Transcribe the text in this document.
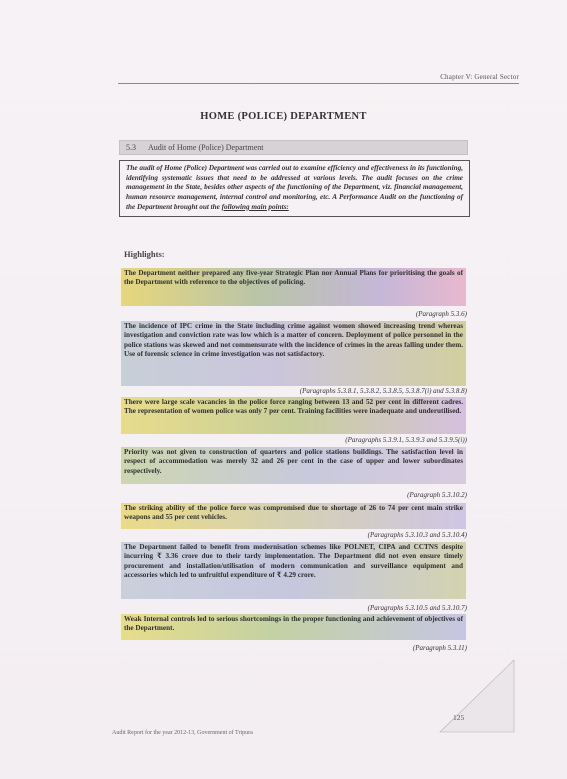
Chapter V: General Sector
HOME (POLICE) DEPARTMENT
5.3 Audit of Home (Police) Department
The audit of Home (Police) Department was carried out to examine efficiency and effectiveness in its functioning, identifying systematic issues that need to be addressed at various levels. The audit focuses on the crime management in the State, besides other aspects of the functioning of the Department, viz. financial management, human resource management, internal control and monitoring, etc. A Performance Audit on the functioning of the Department brought out the following main points:
Highlights:
The Department neither prepared any five-year Strategic Plan nor Annual Plans for prioritising the goals of the Department with reference to the objectives of policing.
(Paragraph 5.3.6)
The incidence of IPC crime in the State including crime against women showed increasing trend whereas investigation and conviction rate was low which is a matter of concern. Deployment of police personnel in the police stations was skewed and not commensurate with the incidence of crimes in the areas falling under them. Use of forensic science in crime investigation was not satisfactory.
(Paragraphs 5.3.8.1, 5.3.8.2, 5.3.8.5, 5.3.8.7(i) and 5.3.8.8)
There were large scale vacancies in the police force ranging between 13 and 52 per cent in different cadres. The representation of women police was only 7 per cent. Training facilities were inadequate and underutilised.
(Paragraphs 5.3.9.1, 5.3.9.3 and 5.3.9.5(i))
Priority was not given to construction of quarters and police stations buildings. The satisfaction level in respect of accommodation was merely 32 and 26 per cent in the case of upper and lower subordinates respectively.
(Paragraph 5.3.10.2)
The striking ability of the police force was compromised due to shortage of 26 to 74 per cent main strike weapons and 55 per cent vehicles.
(Paragraphs 5.3.10.3 and 5.3.10.4)
The Department failed to benefit from modernisation schemes like POLNET, CIPA and CCTNS despite incurring ₹ 3.36 crore due to their tardy implementation. The Department did not even ensure timely procurement and installation/utilisation of modern communication and surveillance equipment and accessories which led to unfruitful expenditure of ₹ 4.29 crore.
(Paragraphs 5.3.10.5 and 5.3.10.7)
Weak Internal controls led to serious shortcomings in the proper functioning and achievement of objectives of the Department.
(Paragraph 5.3.11)
125
Audit Report for the year 2012-13, Government of Tripura
